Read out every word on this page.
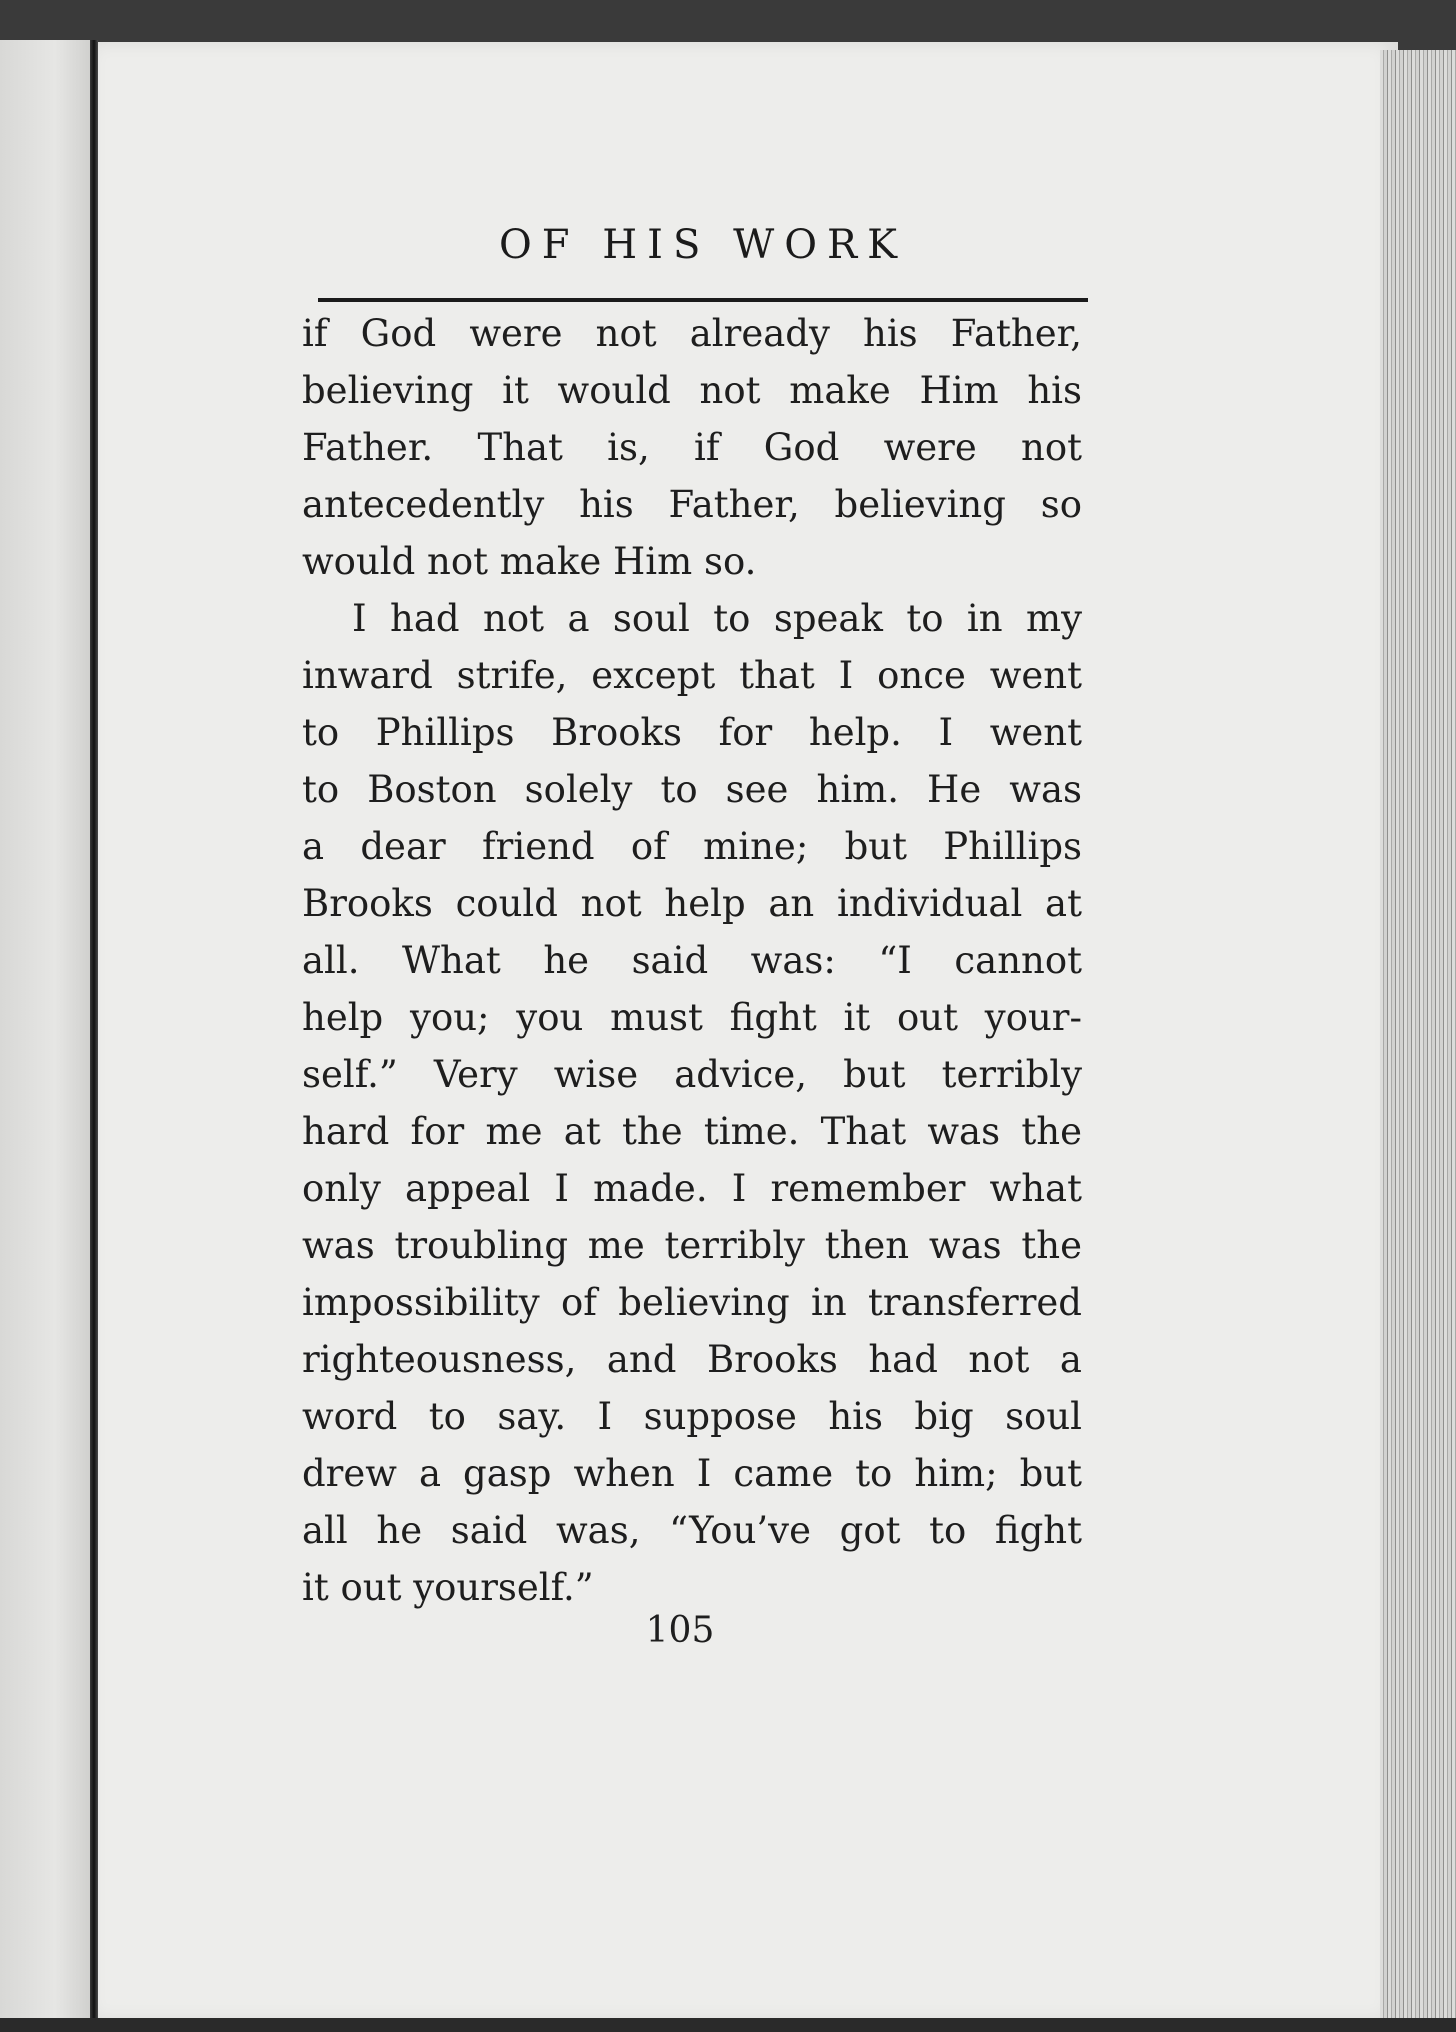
OF HIS WORK
if God were not already his Father,
believing it would not make Him his
Father. That is, if God were not
antecedently his Father, believing so
would not make Him so.
I had not a soul to speak to in my
inward strife, except that I once went
to Phillips Brooks for help. I went
to Boston solely to see him. He was
a dear friend of mine; but Phillips
Brooks could not help an individual at
all. What he said was: “I cannot
help you; you must fight it out your-
self.” Very wise advice, but terribly
hard for me at the time. That was the
only appeal I made. I remember what
was troubling me terribly then was the
impossibility of believing in transferred
righteousness, and Brooks had not a
word to say. I suppose his big soul
drew a gasp when I came to him; but
all he said was, “You’ve got to fight
it out yourself.”
105
